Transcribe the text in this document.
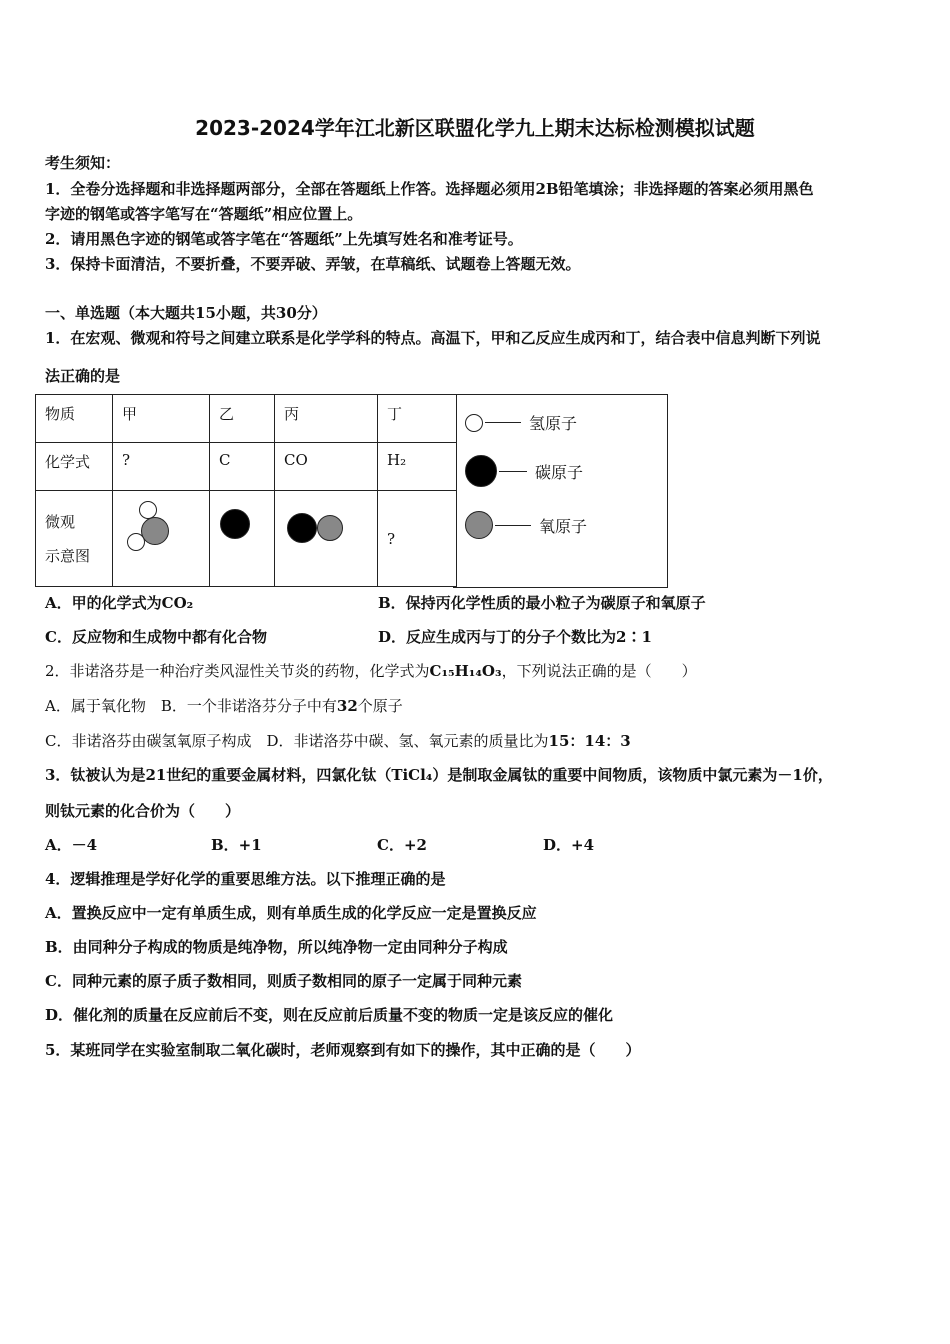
2023-2024学年江北新区联盟化学九上期末达标检测模拟试题
考生须知：
1．全卷分选择题和非选择题两部分，全部在答题纸上作答。选择题必须用2B铅笔填涂；非选择题的答案必须用黑色
字迹的钢笔或答字笔写在“答题纸”相应位置上。
2．请用黑色字迹的钢笔或答字笔在“答题纸”上先填写姓名和准考证号。
3．保持卡面清洁，不要折叠，不要弄破、弄皱，在草稿纸、试题卷上答题无效。
一、单选题（本大题共15小题，共30分）
1．在宏观、微观和符号之间建立联系是化学学科的特点。高温下，甲和乙反应生成丙和丁，结合表中信息判断下列说
法正确的是
物质	甲	乙	丙	丁
化学式	?	C	CO	H₂

微观
示意图				?
氢原子
碳原子
氧原子
A．甲的化学式为CO₂	B．保持丙化学性质的最小粒子为碳原子和氧原子
C．反应物和生成物中都有化合物	D．反应生成丙与丁的分子个数比为2∶1
2．非诺洛芬是一种治疗类风湿性关节炎的药物，化学式为C₁₅H₁₄O₃，下列说法正确的是（　　）
A．属于氧化物　 B．一个非诺洛芬分子中有32个原子
C．非诺洛芬由碳氢氧原子构成　 D．非诺洛芬中碳、氢、氧元素的质量比为15：14：3
3．钛被认为是21世纪的重要金属材料，四氯化钛（TiCl₄）是制取金属钛的重要中间物质，该物质中氯元素为－1价，
则钛元素的化合价为（　　）
A．－4	B．+1	C．+2	D．+4
4．逻辑推理是学好化学的重要思维方法。以下推理正确的是
A．置换反应中一定有单质生成，则有单质生成的化学反应一定是置换反应
B．由同种分子构成的物质是纯净物，所以纯净物一定由同种分子构成
C．同种元素的原子质子数相同，则质子数相同的原子一定属于同种元素
D．催化剂的质量在反应前后不变，则在反应前后质量不变的物质一定是该反应的催化
5．某班同学在实验室制取二氧化碳时，老师观察到有如下的操作，其中正确的是（　　）
